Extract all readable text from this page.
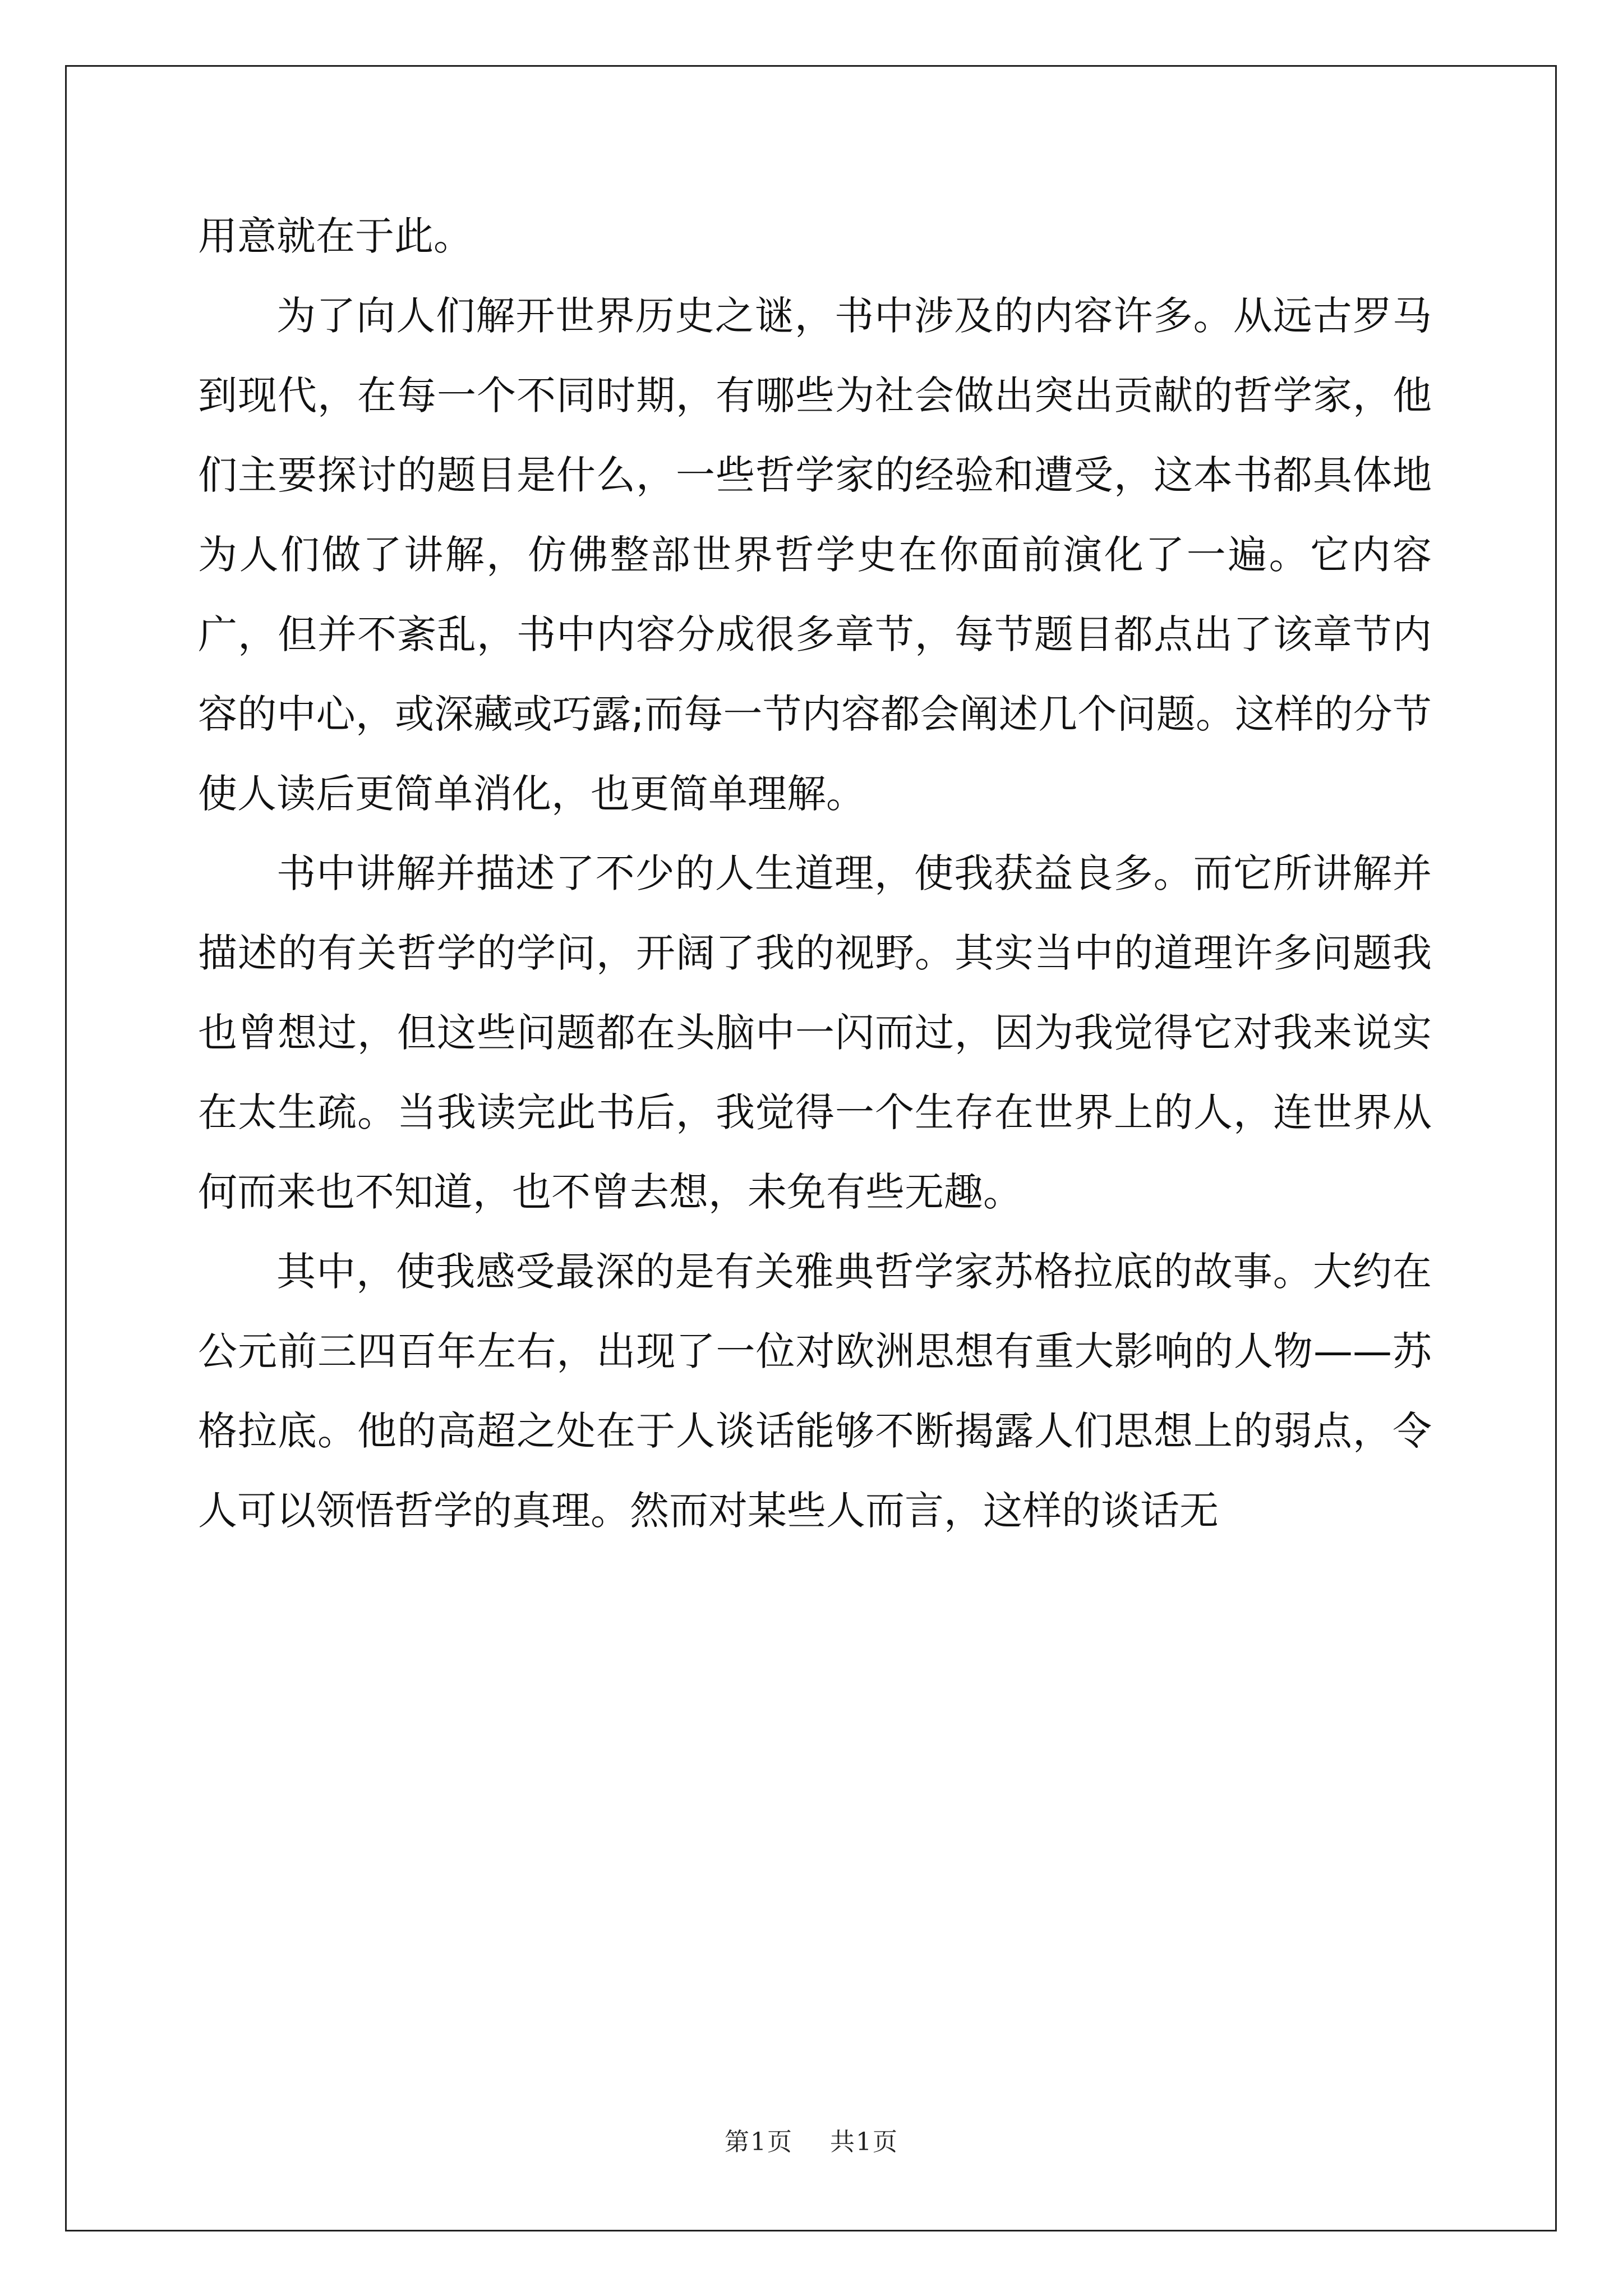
用意就在于此。

为了向人们解开世界历史之谜，书中涉及的内容许多。从远古罗马到现代，在每一个不同时期，有哪些为社会做出突出贡献的哲学家，他们主要探讨的题目是什么，一些哲学家的经验和遭受，这本书都具体地为人们做了讲解，仿佛整部世界哲学史在你面前演化了一遍。它内容广，但并不紊乱，书中内容分成很多章节，每节题目都点出了该章节内容的中心，或深藏或巧露;而每一节内容都会阐述几个问题。这样的分节使人读后更简单消化，也更简单理解。

书中讲解并描述了不少的人生道理，使我获益良多。而它所讲解并描述的有关哲学的学问，开阔了我的视野。其实当中的道理许多问题我也曾想过，但这些问题都在头脑中一闪而过，因为我觉得它对我来说实在太生疏。当我读完此书后，我觉得一个生存在世界上的人，连世界从何而来也不知道，也不曾去想，未免有些无趣。

其中，使我感受最深的是有关雅典哲学家苏格拉底的故事。大约在公元前三四百年左右，出现了一位对欧洲思想有重大影响的人物——苏格拉底。他的高超之处在于人谈话能够不断揭露人们思想上的弱点，令人可以领悟哲学的真理。然而对某些人而言，这样的谈话无

第1页 共1页
